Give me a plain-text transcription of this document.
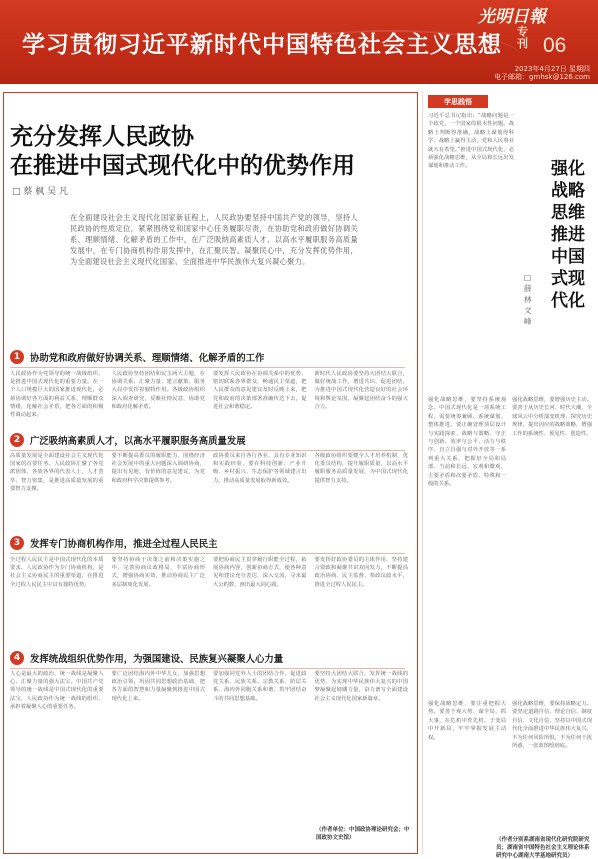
学习贯彻习近平新时代中国特色社会主义思想
专刊 06
光明日報
2023年4月27日 星期四
电子邮箱：gmhsk@126.com
充分发挥人民政协
在推进中国式现代化中的优势作用
□ 蔡 枫 吴 凡
在全面建设社会主义现代化国家新征程上，人民政协要坚持中国共产党的领导，坚持人民政协的性质定位，紧紧围绕党和国家中心任务履职尽责，在协助党和政府做好协调关系、理顺情绪、化解矛盾的工作中，在广泛吸纳高素质人才、以高水平履职服务高质量发展中，在专门协商机构作用发挥中，在汇聚民智、凝聚民心中，充分发挥优势作用，为全面建设社会主义现代化国家、全面推进中华民族伟大复兴凝心聚力。
1	协助党和政府做好协调关系、理顺情绪、化解矛盾的工作
人民政协作为党领导的统一战线组织，是推进中国式现代化的重要力量。在一个人口规模巨大的国家推进现代化，必须协调好各方面的利益关系，理顺群众情绪，化解社会矛盾，把各方面的积极性调动起来。
人民政协坚持团结和民主两大主题，在协调关系、汇聚力量、建言献策、服务大局中发挥着独特作用。各级政协组织深入调查研究，反映社情民意，协助党和政府化解矛盾。
要发挥人民政协在协调关系中的优势，密切联系各界群众，畅通民主渠道，把人民群众的意见建议及时反映上来，把党和政府的决策部署准确传达下去，促进社会和谐稳定。
新时代人民政协要坚持大团结大联合，做好统战工作，增进共识、促进团结，为推进中国式现代化营造良好的社会环境和舆论氛围，凝聚起团结奋斗的强大合力。
2	广泛吸纳高素质人才，以高水平履职服务高质量发展
高质量发展是全面建设社会主义现代化国家的首要任务。人民政协汇聚了各党派团体、各族各界的代表人士，人才荟萃、智力密集，是推进高质量发展的重要智力支撑。
要不断提高委员的履职能力，围绕经济社会发展中的重大问题深入调研协商，提出有见地、有价值的意见建议，为党和政府科学决策提供参考。
政协委员来自各行各业，具有专业知识和实践经验，要在科技创新、产业升级、乡村振兴、生态保护等领域建言出力，推动高质量发展取得新成效。
各级政协组织要健全人才培养机制，优化委员结构，提升履职质量，以高水平履职服务高质量发展，为中国式现代化提供智力支持。
3	发挥专门协商机构作用，推进全过程人民民主
全过程人民民主是中国式现代化的本质要求。人民政协作为专门协商机构，是社会主义协商民主的重要渠道，在推进全过程人民民主中具有独特优势。
要坚持协商于决策之前和决策实施之中，完善协商议政格局，丰富协商形式，增强协商实效，推动协商民主广泛多层制度化发展。
要把协商民主贯穿履行职能全过程，拓展协商内容，创新协商方式，使各种意见和建议充分表达、深入交流，寻求最大公约数、画出最大同心圆。
要发挥好政协委员的主体作用，坚持建言资政和凝聚共识双向发力，不断提高政治协商、民主监督、参政议政水平，推进全过程人民民主。
4	发挥统战组织优势作用，为强国建设、民族复兴凝聚人心力量
人心是最大的政治，统一战线是凝聚人心、汇聚力量的强大法宝。中国共产党领导的统一战线是中国式现代化的重要法宝，人民政协作为统一战线的组织，承担着凝聚人心的重要任务。
要广泛团结海内外中华儿女，加强思想政治引领，巩固共同思想政治基础，把各方面的智慧和力量凝聚到推进中国式现代化上来。
要加强同党外人士的团结合作，促进政党关系、民族关系、宗教关系、阶层关系、海内外同胞关系和谐，筑牢团结奋斗的共同思想基础。
要坚持大团结大联合，发挥统一战线的优势，为实现中华民族伟大复兴的中国梦凝聚起磅礴力量，奋力谱写全面建设社会主义现代化国家新篇章。
（作者单位：中国政协理论研究会；中国政协文史馆）
学思践悟
习近平总书记指出：“战略问题是一个政党、一个国家的根本性问题。战略上判断得准确，战略上谋划得科学，战略上赢得主动，党和人民事业就大有希望。”推进中国式现代化，必须强化战略思维，从全局和长远出发谋划和推动工作。	强化战略思维 推进中国式现代化
□ 薛 林 文 峰
强化战略思维，要坚持系统观念。中国式现代化是一项系统工程，需要统筹兼顾、系统谋划、整体推进。要正确处理顶层设计与实践探索、战略与策略、守正与创新、效率与公平、活力与秩序、自立自强与对外开放等一系列重大关系，把握好全局和局部、当前和长远、宏观和微观、主要矛盾和次要矛盾、特殊和一般的关系。
强化战略思维，要增强历史主动。要善于从历史长河、时代大潮、全球风云中分析演变机理、探究历史规律，提出因应的战略策略，增强工作的系统性、预见性、创造性。
强化战略思维，要注重把握大势。要善于观大势、谋全局、抓大事，在危机中育先机、于变局中开新局，牢牢掌握发展主动权。
强化战略思维，要保持战略定力。要坚定道路自信、理论自信、制度自信、文化自信，坚持以中国式现代化全面推进中华民族伟大复兴，不为任何风险所惧，不为任何干扰所惑，一张蓝图绘到底。
（作者分别系湖南省现代化研究院研究员；湖南省中国特色社会主义理论体系研究中心湖南大学基地研究员）
